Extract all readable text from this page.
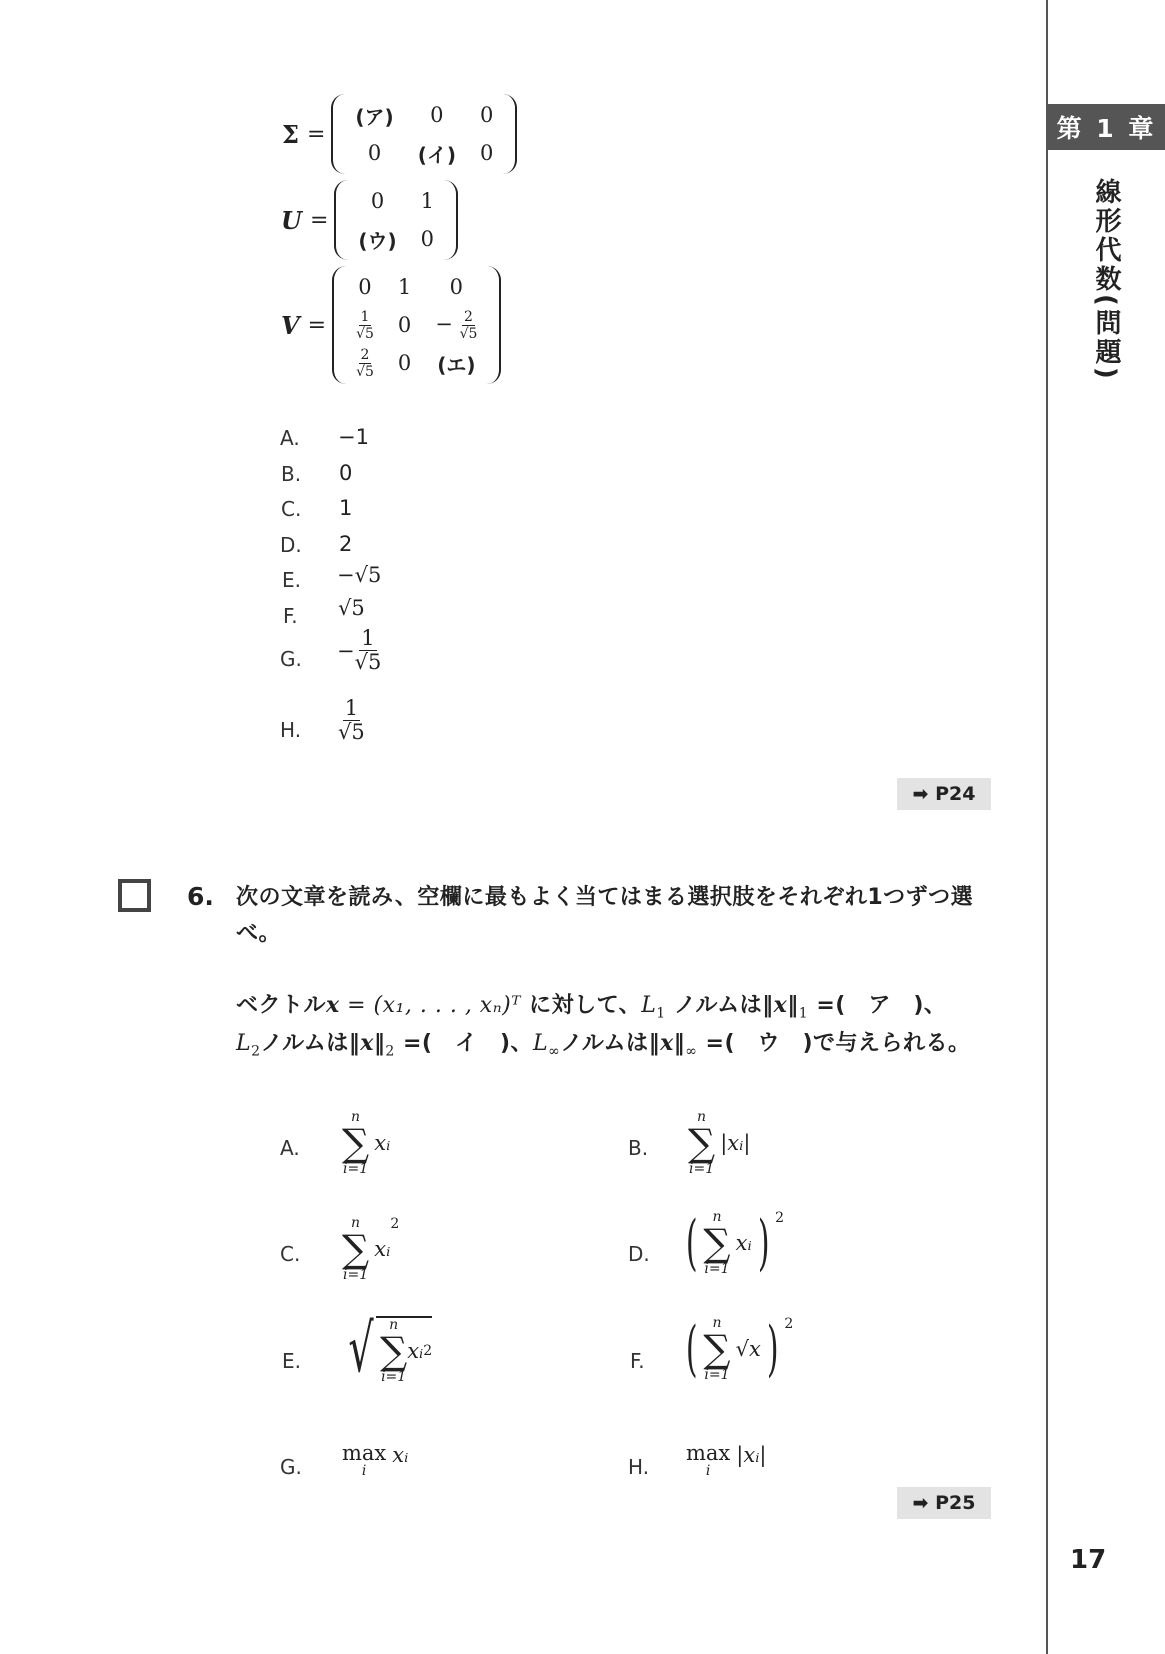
第 1 章
線形代数(問題)
17
Σ =
(ア)	0	0
0	(イ)	0
U =
0	1
(ウ)	0
V =
0	1	0

$\frac{1}{√5}$	0	− $\frac{2}{√5}$

$\frac{2}{√5}$	0	(エ)
A. −1
B. 0
C. 1
D. 2
E. −√5
F. √5
G. − $\frac{1}{√5}$
H. $\frac{1}{√5}$
➡ P24
6. 次の文章を読み、空欄に最もよく当てはまる選択肢をそれぞれ1つずつ選べ。
ベクトルx = (x₁, . . . , xₙ)ᵀ に対して、$L_1$ ノルムは$‖x‖_1$ =(　ア　)、
$L_2$ノルムは$‖x‖_2$ =(　イ　)、$L_\infty$ノルムは$‖x‖_\infty$ =(　ウ　)で与えられる。
A.
n
∑
i=1
xᵢ	B.
n
∑
i=1
|xᵢ|
C.
n
∑
i=1
xᵢ2
D. ( n
∑
i=1
xᵢ) 2
E. √ n
∑
i=1
xᵢ 2	F. ( n
∑
i=1
√x) 2
G.
max
i
xᵢ	H.
max
i
|xᵢ|
➡ P25
